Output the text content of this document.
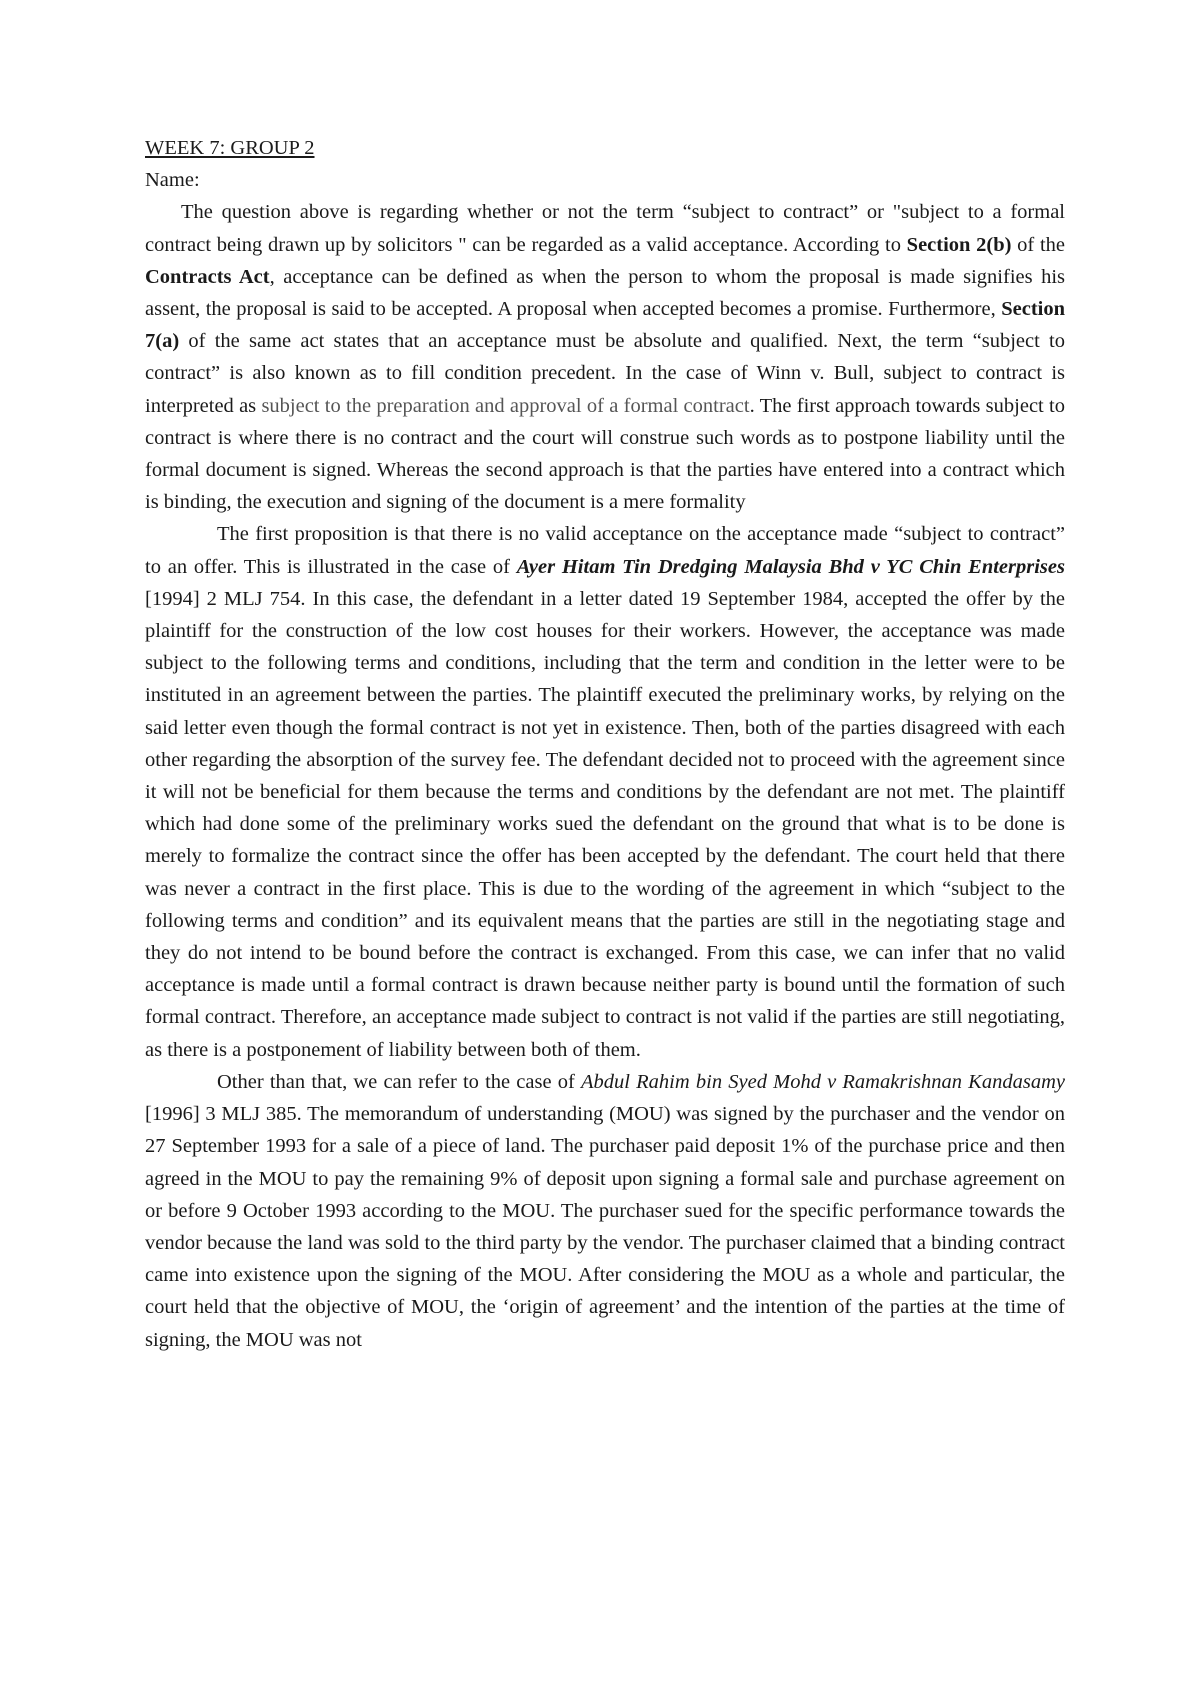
WEEK 7: GROUP 2

Name:

The question above is regarding whether or not the term “subject to contract” or "subject to a formal contract being drawn up by solicitors " can be regarded as a valid acceptance. According to Section 2(b) of the Contracts Act, acceptance can be defined as when the person to whom the proposal is made signifies his assent, the proposal is said to be accepted. A proposal when accepted becomes a promise. Furthermore, Section 7(a) of the same act states that an acceptance must be absolute and qualified. Next, the term “subject to contract” is also known as to fill condition precedent. In the case of Winn v. Bull, subject to contract is interpreted as subject to the preparation and approval of a formal contract. The first approach towards subject to contract is where there is no contract and the court will construe such words as to postpone liability until the formal document is signed. Whereas the second approach is that the parties have entered into a contract which is binding, the execution and signing of the document is a mere formality

The first proposition is that there is no valid acceptance on the acceptance made “subject to contract” to an offer. This is illustrated in the case of Ayer Hitam Tin Dredging Malaysia Bhd v YC Chin Enterprises [1994] 2 MLJ 754. In this case, the defendant in a letter dated 19 September 1984, accepted the offer by the plaintiff for the construction of the low cost houses for their workers. However, the acceptance was made subject to the following terms and conditions, including that the term and condition in the letter were to be instituted in an agreement between the parties. The plaintiff executed the preliminary works, by relying on the said letter even though the formal contract is not yet in existence. Then, both of the parties disagreed with each other regarding the absorption of the survey fee. The defendant decided not to proceed with the agreement since it will not be beneficial for them because the terms and conditions by the defendant are not met. The plaintiff which had done some of the preliminary works sued the defendant on the ground that what is to be done is merely to formalize the contract since the offer has been accepted by the defendant. The court held that there was never a contract in the first place. This is due to the wording of the agreement in which “subject to the following terms and condition” and its equivalent means that the parties are still in the negotiating stage and they do not intend to be bound before the contract is exchanged. From this case, we can infer that no valid acceptance is made until a formal contract is drawn because neither party is bound until the formation of such formal contract. Therefore, an acceptance made subject to contract is not valid if the parties are still negotiating, as there is a postponement of liability between both of them.

Other than that, we can refer to the case of Abdul Rahim bin Syed Mohd v Ramakrishnan Kandasamy [1996] 3 MLJ 385. The memorandum of understanding (MOU) was signed by the purchaser and the vendor on 27 September 1993 for a sale of a piece of land. The purchaser paid deposit 1% of the purchase price and then agreed in the MOU to pay the remaining 9% of deposit upon signing a formal sale and purchase agreement on or before 9 October 1993 according to the MOU. The purchaser sued for the specific performance towards the vendor because the land was sold to the third party by the vendor. The purchaser claimed that a binding contract came into existence upon the signing of the MOU. After considering the MOU as a whole and particular, the court held that the objective of MOU, the ‘origin of agreement’ and the intention of the parties at the time of signing, the MOU was not
